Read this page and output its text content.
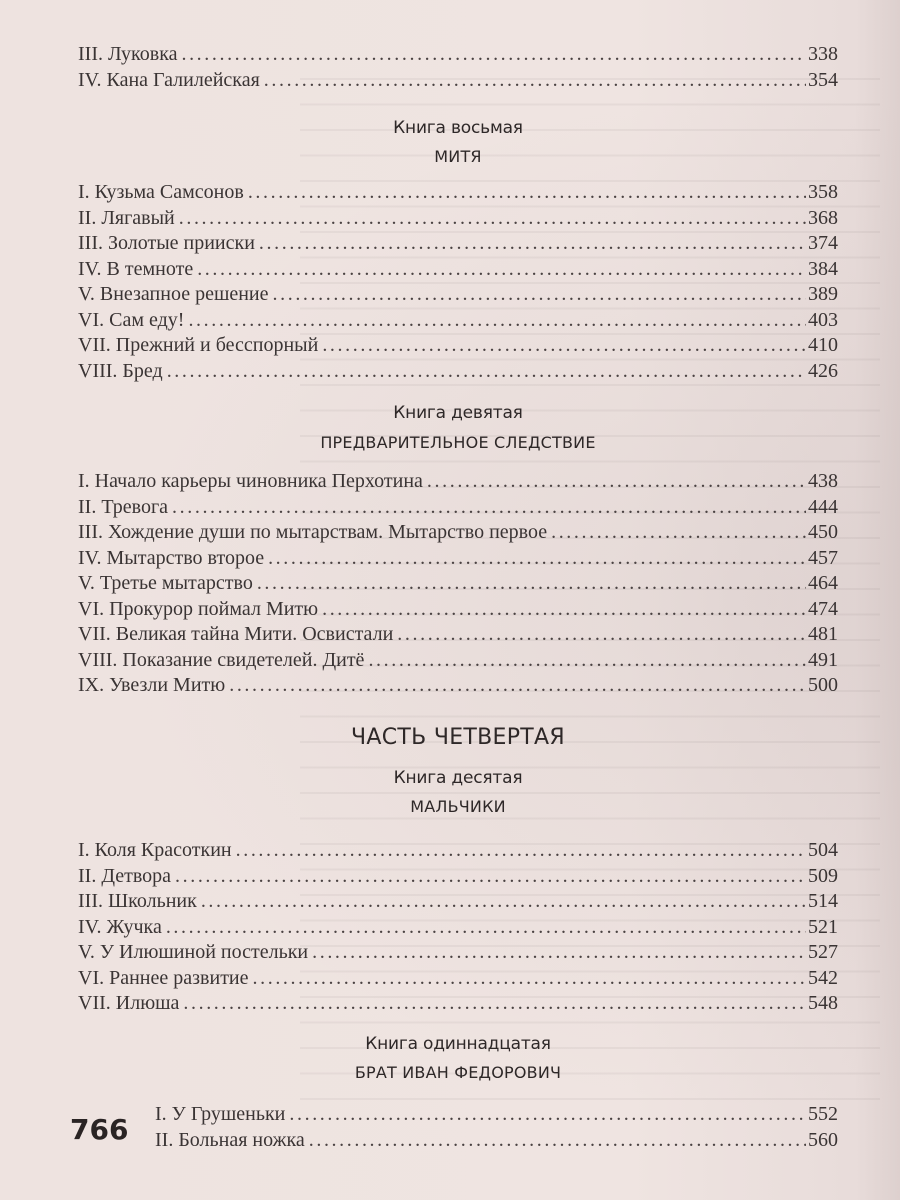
III. Луковка . . .	338
IV. Кана Галилейская . . .	354
Книга восьмая
МИТЯ
I. Кузьма Самсонов . . .	358
II. Лягавый . . .	368
III. Золотые прииски . . .	374
IV. В темноте . . .	384
V. Внезапное решение . . .	389
VI. Сам еду! . . .	403
VII. Прежний и бесспорный . . .	410
VIII. Бред . . .	426
Книга девятая
ПРЕДВАРИТЕЛЬНОЕ СЛЕДСТВИЕ
I. Начало карьеры чиновника Перхотина . . .	438
II. Тревога . . .	444
III. Хождение души по мытарствам. Мытарство первое . . .	450
IV. Мытарство второе . . .	457
V. Третье мытарство . . .	464
VI. Прокурор поймал Митю . . .	474
VII. Великая тайна Мити. Освистали . . .	481
VIII. Показание свидетелей. Дитё . . .	491
IX. Увезли Митю . . .	500
ЧАСТЬ ЧЕТВЕРТАЯ
Книга десятая
МАЛЬЧИКИ
I. Коля Красоткин . . .	504
II. Детвора . . .	509
III. Школьник . . .	514
IV. Жучка . . .	521
V. У Илюшиной постельки . . .	527
VI. Раннее развитие . . .	542
VII. Илюша . . .	548
Книга одиннадцатая
БРАТ ИВАН ФЕДОРОВИЧ
I. У Грушеньки . . .	552
II. Больная ножка . . .	560
766
